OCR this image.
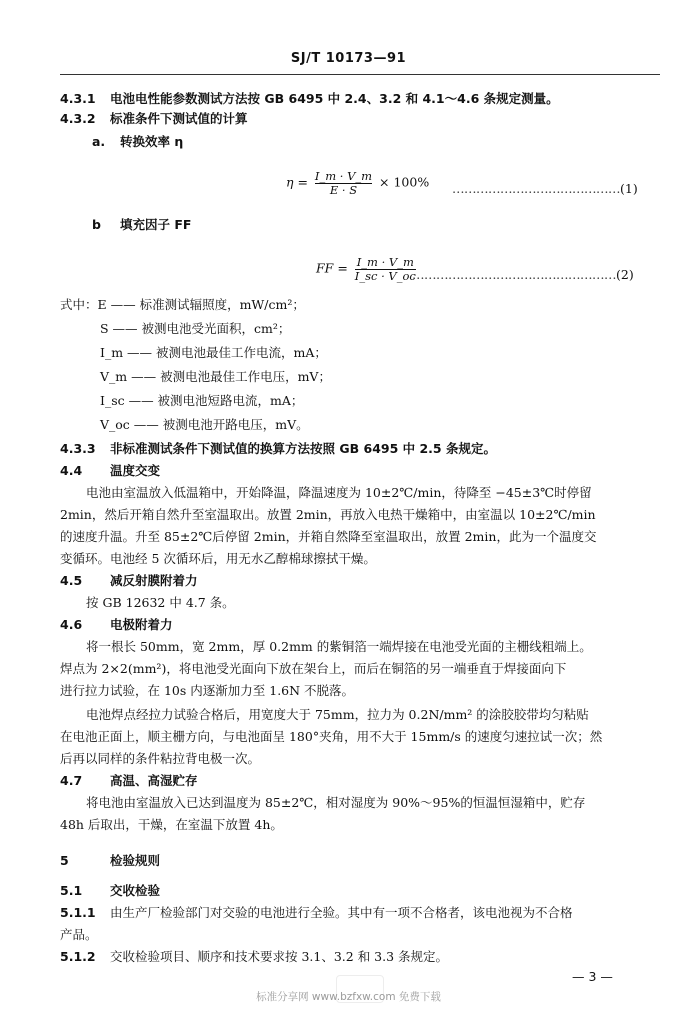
SJ/T 10173—91
4.3.1 电池电性能参数测试方法按 GB 6495 中 2.4、3.2 和 4.1～4.6 条规定测量。
4.3.2 标准条件下测试值的计算
a. 转换效率 η
$\eta = \frac{I\_m \cdot V\_m}{E \cdot S} \times 100\%$ ……………………………………(1)
b 填充因子 FF
FF = $\frac{I\_m \cdot V\_m}{I\_sc \cdot V\_oc}$
……………………………………………(2)
式中：E —— 标准测试辐照度，mW/cm²；
S —— 被测电池受光面积，cm²；
I_m —— 被测电池最佳工作电流，mA；
V_m —— 被测电池最佳工作电压，mV；
I_sc —— 被测电池短路电流，mA；
V_oc —— 被测电池开路电压，mV。
4.3.3 非标准测试条件下测试值的换算方法按照 GB 6495 中 2.5 条规定。
4.4 温度交变
电池由室温放入低温箱中，开始降温，降温速度为 10±2℃/min，待降至 −45±3℃时停留
2min，然后开箱自然升至室温取出。放置 2min，再放入电热干燥箱中，由室温以 10±2℃/min
的速度升温。升至 85±2℃后停留 2min，并箱自然降至室温取出，放置 2min，此为一个温度交
变循环。电池经 5 次循环后，用无水乙醇棉球擦拭干燥。
4.5 减反射膜附着力
按 GB 12632 中 4.7 条。
4.6 电极附着力
将一根长 50mm，宽 2mm，厚 0.2mm 的紫铜箔一端焊接在电池受光面的主栅线粗端上。
焊点为 2×2(mm²)，将电池受光面向下放在架台上，而后在铜箔的另一端垂直于焊接面向下
进行拉力试验，在 10s 内逐渐加力至 1.6N 不脱落。
电池焊点经拉力试验合格后，用宽度大于 75mm，拉力为 0.2N/mm² 的涂胶胶带均匀粘贴
在电池正面上，顺主栅方向，与电池面呈 180°夹角，用不大于 15mm/s 的速度匀速拉试一次；然
后再以同样的条件粘拉背电极一次。
4.7 高温、高湿贮存
将电池由室温放入已达到温度为 85±2℃，相对湿度为 90%～95%的恒温恒湿箱中，贮存
48h 后取出，干燥，在室温下放置 4h。
5	检验规则
5.1 交收检验
5.1.1 由生产厂检验部门对交验的电池进行全验。其中有一项不合格者，该电池视为不合格
产品。
5.1.2 交收检验项目、顺序和技术要求按 3.1、3.2 和 3.3 条规定。
— 3 —
标准分享网 www.bzfxw.com 免费下载
